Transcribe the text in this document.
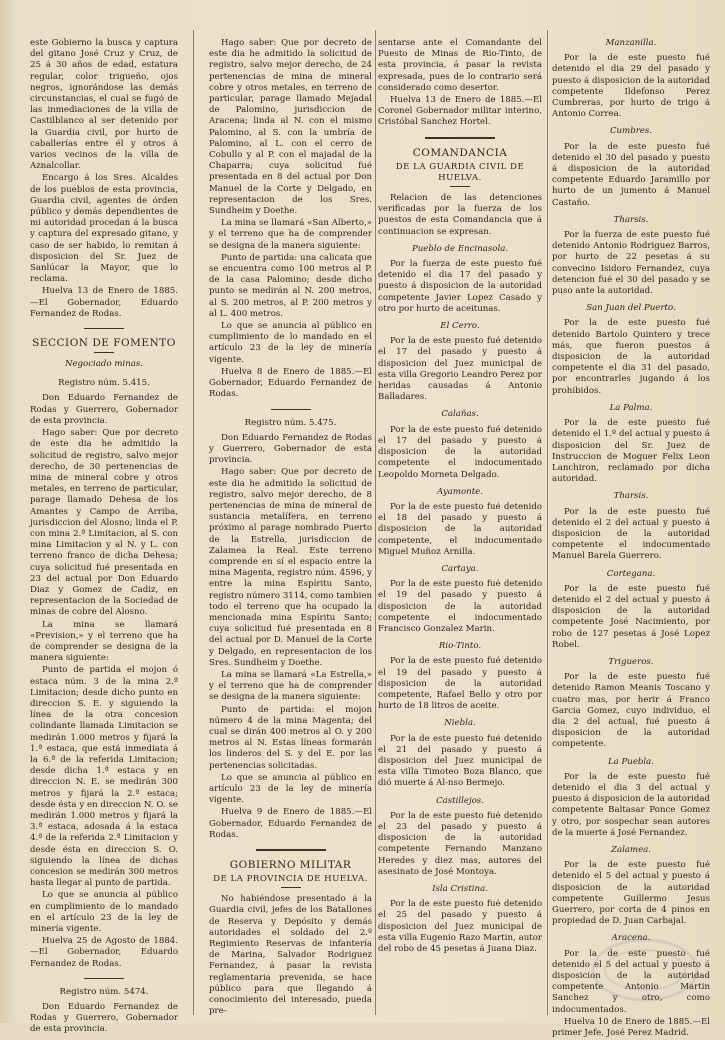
este Gobierno la busca y captura del gitano José Cruz y Cruz, de 25 á 30 años de edad, estatura regular, color trigueño, ojos negros, ignorándose las demás circunstancias, el cual se fugó de las inmediaciones de la villa de Castilblanco al ser detenido por la Guardia civil, por hurto de caballerías entre él y otros á varios vecinos de la villa de Aznalcollar.

Encargo á los Sres. Alcaldes de los pueblos de esta provincia, Guardia civil, agentes de órden público y demás dependientes de mi autoridad procedan á la busca y captura del expresado gitano, y caso de ser habido, lo remitan á disposicion del Sr. Juez de Sanlúcar la Mayor, que lo reclama.

Huelva 13 de Enero de 1885. —El Gobernador, Eduardo Fernandez de Rodas.

SECCION DE FOMENTO

Negociado minas.

Registro núm. 5.415.

Don Eduardo Fernandez de Rodas y Guerrero, Gobernador de esta provincia.

Hago saber: Que por decreto de este dia he admitido la solicitud de registro, salvo mejor derecho, de 30 pertenencias de mina de mineral cobre y otros metales, en terreno de particular, parage llamado Dehesa de los Amantes y Campo de Arriba, jurisdiccion del Alosno; linda el P. con mina 2.ª Limitacion, al S. con mina Limitacion y al N. y L. con terreno franco de dicha Dehesa; cuya solicitud fué presentada en 23 del actual por Don Eduardo Diaz y Gomez de Cadiz, en representacion de la Sociedad de minas de cobre del Alosno.

La mina se llamará «Prevision,» y el terreno que ha de comprender se designa de la manera siguiente:

Punto de partida el mojon ó estaca núm. 3 de la mina 2.ª Limitacion; desde dicho punto en direccion S. E. y siguiendo la línea de la otra concesion colindante llamada Limitacion se medirán 1.000 metros y fijará la 1.ª estaca, que está inmediata á la 6.ª de la referida Limitacion; desde dicha 1.ª estaca y en direccion N. E. se medirán 300 metros y fijará la 2.ª estaca; desde ésta y en direccion N. O. se medirán 1.000 metros y fijará la 3.ª estaca, adosada á la estaca 4.ª de la referida 2.ª Limitacion y desde ésta en direccion S. O. siguiendo la línea de dichas concesion se medirán 300 metros hasta llegar al punto de partida.

Lo que se anuncia al público en cumplimiento de lo mandado en el artículo 23 de la ley de minería vigente.

Huelva 25 de Agosto de 1884.—El Gobernador, Eduardo Fernandez de Rodas.

Registro núm. 5474.

Don Eduardo Fernandez de Rodas y Guerrero, Gobernador de esta provincia.

Hago saber: Que por decreto de este dia he admitido la solicitud de registro, salvo mejor derecho, de 24 pertenencias de mina de mineral cobre y otros metales, en terreno de particular, parage llamado Mejadal de Palomino, jurisdiccion de Aracena; linda al N. con el mismo Palomino, al S. con la umbría de Palomino, al L. con el cerro de Cobullo y al P. con el majadal de la Chaparra; cuya solicitud fué presentada en 8 del actual por Don Manuel de la Corte y Delgado, en representacion de los Sres. Sundheim y Doethe.

La mina se llamará «San Alberto,» y el terreno que ha de comprender se designa de la manera siguiente:

Punto de partida: una calicata que se encuentra como 100 metros al P. de la casa Palomino; desde dicho punto se medirán al N. 200 metros, al S. 200 metros, al P. 200 metros y al L. 400 metros.

Lo que se anuncia al público en cumplimiento de lo mandado en el artículo 23 de la ley de minería vigente.

Huelva 8 de Enero de 1885.—El Gobernador, Eduardo Fernandez de Rodas.

Registro núm. 5.475.

Don Eduardo Fernandez de Rodas y Guerrero, Gobernador de esta provincia.

Hago saber: Que por decreto de este dia he admitido la solicitud de registro, salvo mejor derecho, de 8 pertenencias de mina de mineral de sustancia metalífera, en terreno próximo al parage nombrado Puerto de la Estrella, jurisdiccion de Zalamea la Real. Este terreno comprende en sí el espacio entre la mina Magenta, registro núm. 4596, y entre la mina Espíritu Santo, registro número 3114, como tambien todo el terreno que ha ocupado la mencionada mina Espíritu Santo; cuya solicitud fué presentada en 8 del actual por D. Manuel de la Corte y Delgado, en representacion de los Sres. Sundheim y Doethe.

La mina se llamará «La Estrella,» y el terreno que ha de comprender se designa de la manera siguiente:

Punto de partida: el mojon número 4 de la mina Magenta; del cual se dirán 400 metros al O. y 200 metros al N. Estas líneas formarán los linderos del S. y del E. por las pertenencias solicitadas.

Lo que se anuncia al público en artículo 23 de la ley de minería vigente.

Huelva 9 de Enero de 1885.—El Gobernador, Eduardo Fernandez de Rodas.

GOBIERNO MILITAR
DE LA PROVINCIA DE HUELVA.

No habiéndose presentado á la Guardia civil, jefes de los Batallones de Reserva y Depósito y demás autoridades el soldado del 2.º Regimiento Reservas de infantería de Marina, Salvador Rodriguez Fernandez, á pasar la revista reglamentaria prevenida, se hace público para que llegando á conocimiento del interesado, pueda pre-

sentarse ante el Comandante del Puesto de Minas de Rio-Tinto, de esta provincia, á pasar la revista expresada, pues de lo contrario será considerado como desertor.

Huelva 13 de Enero de 1885.—El Coronel Gobernador militar interino, Cristóbal Sanchez Hortel.

COMANDANCIA
DE LA GUARDIA CIVIL DE HUELVA.

Relacion de las detenciones verificadas por la fuerza de los puestos de esta Comandancia que á continuacion se expresan.

Pueblo de Encinasola.

Por la fuerza de este puesto fué detenido el dia 17 del pasado y puesto á disposicion de la autoridad competente Javier Lopez Casado y otro por hurto de aceitunas.

El Cerro.

Por la de este puesto fué detenido el 17 del pasado y puesto á disposicion del Juez municipal de esta villa Gregorio Leandro Perez por heridas causadas á Antonio Balladares.

Calañas.

Por la de este puesto fué detenido el 17 del pasado y puesto á disposicion de la autoridad competente el indocumentado Leopoldo Morneta Delgado.

Ayamonte.

Por la de este puesto fué detenido el 18 del pasado y puesto á disposicion de la autoridad competente, el indocumentado Miguel Muñoz Arnilla.

Cartaya.

Por la de este puesto fué detenido el 19 del pasado y puesto á disposicion de la autoridad competente el indocumentado Francisco Gonzalez Marin.

Rio-Tinto.

Por la de este puesto fué detenido el 19 del pasado y puesto á disposicion de la autoridad competente, Rafael Bello y otro por hurto de 18 litros de aceite.

Niebla.

Por la de este puesto fué detenido el 21 del pasado y puesto á disposicion del Juez municipal de esta villa Timoteo Boza Blanco, que dió muerte á Al-nso Bermejo.

Castillejos.

Por la de este puesto fué detenido el 23 del pasado y puesto á disposicion de la autoridad competente Fernando Manzano Heredes y diez mas, autores del asesinato de José Montoya.

Isla Cristina.

Por la de este puesto fué detenido el 25 del pasado y puesto á disposicion del Juez municipal de esta villa Eugenio Razo Martin, autor del robo de 45 pesetas á Juana Diaz.

Manzanilla.

Por la de este puesto fué detenido el dia 29 del pasado y puesto á disposicion de la autoridad competente Ildefonso Perez Cumbreras, por hurto de trigo á Antonio Correa.

Cumbres.

Por la de este puesto fué detenido el 30 del pasado y puesto á disposicion de la autoridad competente Eduardo Jaramillo por hurto de un jumento á Manuel Castaño.

Tharsis.

Por la fuerza de este puesto fué detenido Antonio Rodriguez Barros, por hurto de 22 pesetas á su convecino Isidoro Fernandez, cuya detencion fué el 30 del pasado y se puso ante la autoridad.

San Juan del Puerto.

Por la de este puesto fué detenido Bartolo Quintero y trece más, que fueron puestos á disposicion de la autoridad competente el dia 31 del pasado, por encontrarles jugando á los prohibidos.

La Palma.

Por la de este puesto fué detenido el 1.º del actual y puesto á disposicion del Sr. Juez de Instruccion de Moguer Felix Leon Lanchiron, reclamado por dicha autoridad.

Tharsis.

Por la de este puesto fué detenido el 2 del actual y puesto á disposicion de la autoridad competente el indocumentado Manuel Barela Guerrero.

Cortegana.

Por la de este puesto fué detenido el 2 del actual y puesto á disposicion de la autoridad competente José Nacimiento, por robo de 127 pesetas á José Lopez Robel.

Trigueros.

Por la de este puesto fué detenido Ramon Meanis Toscano y cuatro mas, por herir á Franco Garcia Gomez, cuyo individuo, el dia 2 del actual, fué puesto á disposicion de la autoridad competente.

La Puebla.

Por la de este puesto fué detenido el dia 3 del actual y puesto á disposicion de la autoridad competente Baltasar Ponce Gomez y otro, por sospechar sean autores de la muerte á José Fernandez.

Zalamea.

Por la de este puesto fué detenido el 5 del actual y puesto á disposicion de la autoridad competente Guillermo Jesus Guerrero, por corta de 4 pinos en propiedad de D. Juan Carbajal.

Aracena.

Por la de este puesto fué detenido el 5 del actual y puesto á disposicion de la autoridad competente Antonio Martin Sanchez y otro, como indocumentados.

Huelva 10 de Enero de 1885.—El primer Jefe, José Perez Madrid.
